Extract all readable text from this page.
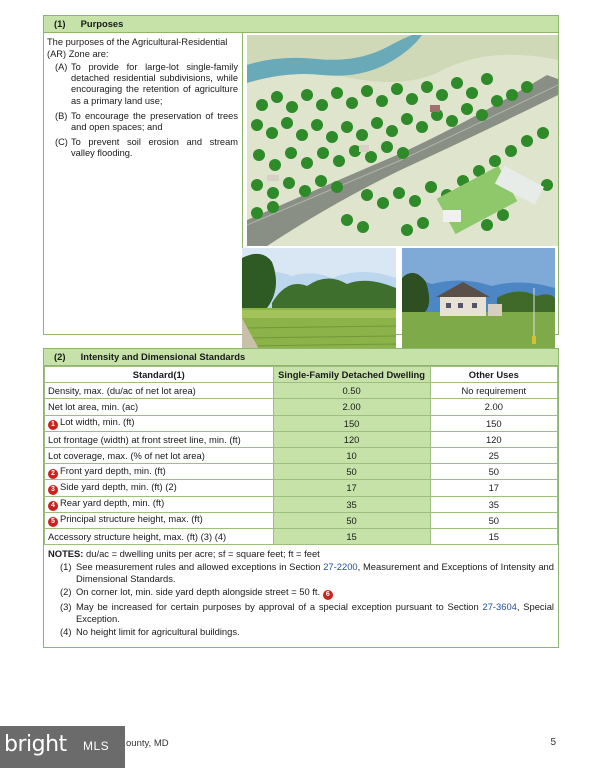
(1) Purposes
The purposes of the Agricultural-Residential (AR) Zone are:
(A) To provide for large-lot single-family detached residential subdivisions, while encouraging the retention of agriculture as a primary land use;
(B) To encourage the preservation of trees and open spaces; and
(C) To prevent soil erosion and stream valley flooding.
(2) Intensity and Dimensional Standards
Standard(1)	Single-Family Detached Dwelling	Other Uses
Density, max. (du/ac of net lot area)	0.50	No requirement
Net lot area, min. (ac)	2.00	2.00
1 Lot width, min. (ft)	150	150
Lot frontage (width) at front street line, min. (ft)	120	120
Lot coverage, max. (% of net lot area)	10	25
2 Front yard depth, min. (ft)	50	50
3 Side yard depth, min. (ft) (2)	17	17
4 Rear yard depth, min. (ft)	35	35
5 Principal structure height, max. (ft)	50	50
Accessory structure height, max. (ft) (3) (4)	15	15
NOTES: du/ac = dwelling units per acre; sf = square feet; ft = feet
(1) See measurement rules and allowed exceptions in Section 27-2200, Measurement and Exceptions of Intensity and Dimensional Standards.
(2) On corner lot, min. side yard depth alongside street = 50 ft. 6
(3) May be increased for certain purposes by approval of a special exception pursuant to Section 27-3604, Special Exception.
(4) No height limit for agricultural buildings.
bright MLS ounty, MD	5
